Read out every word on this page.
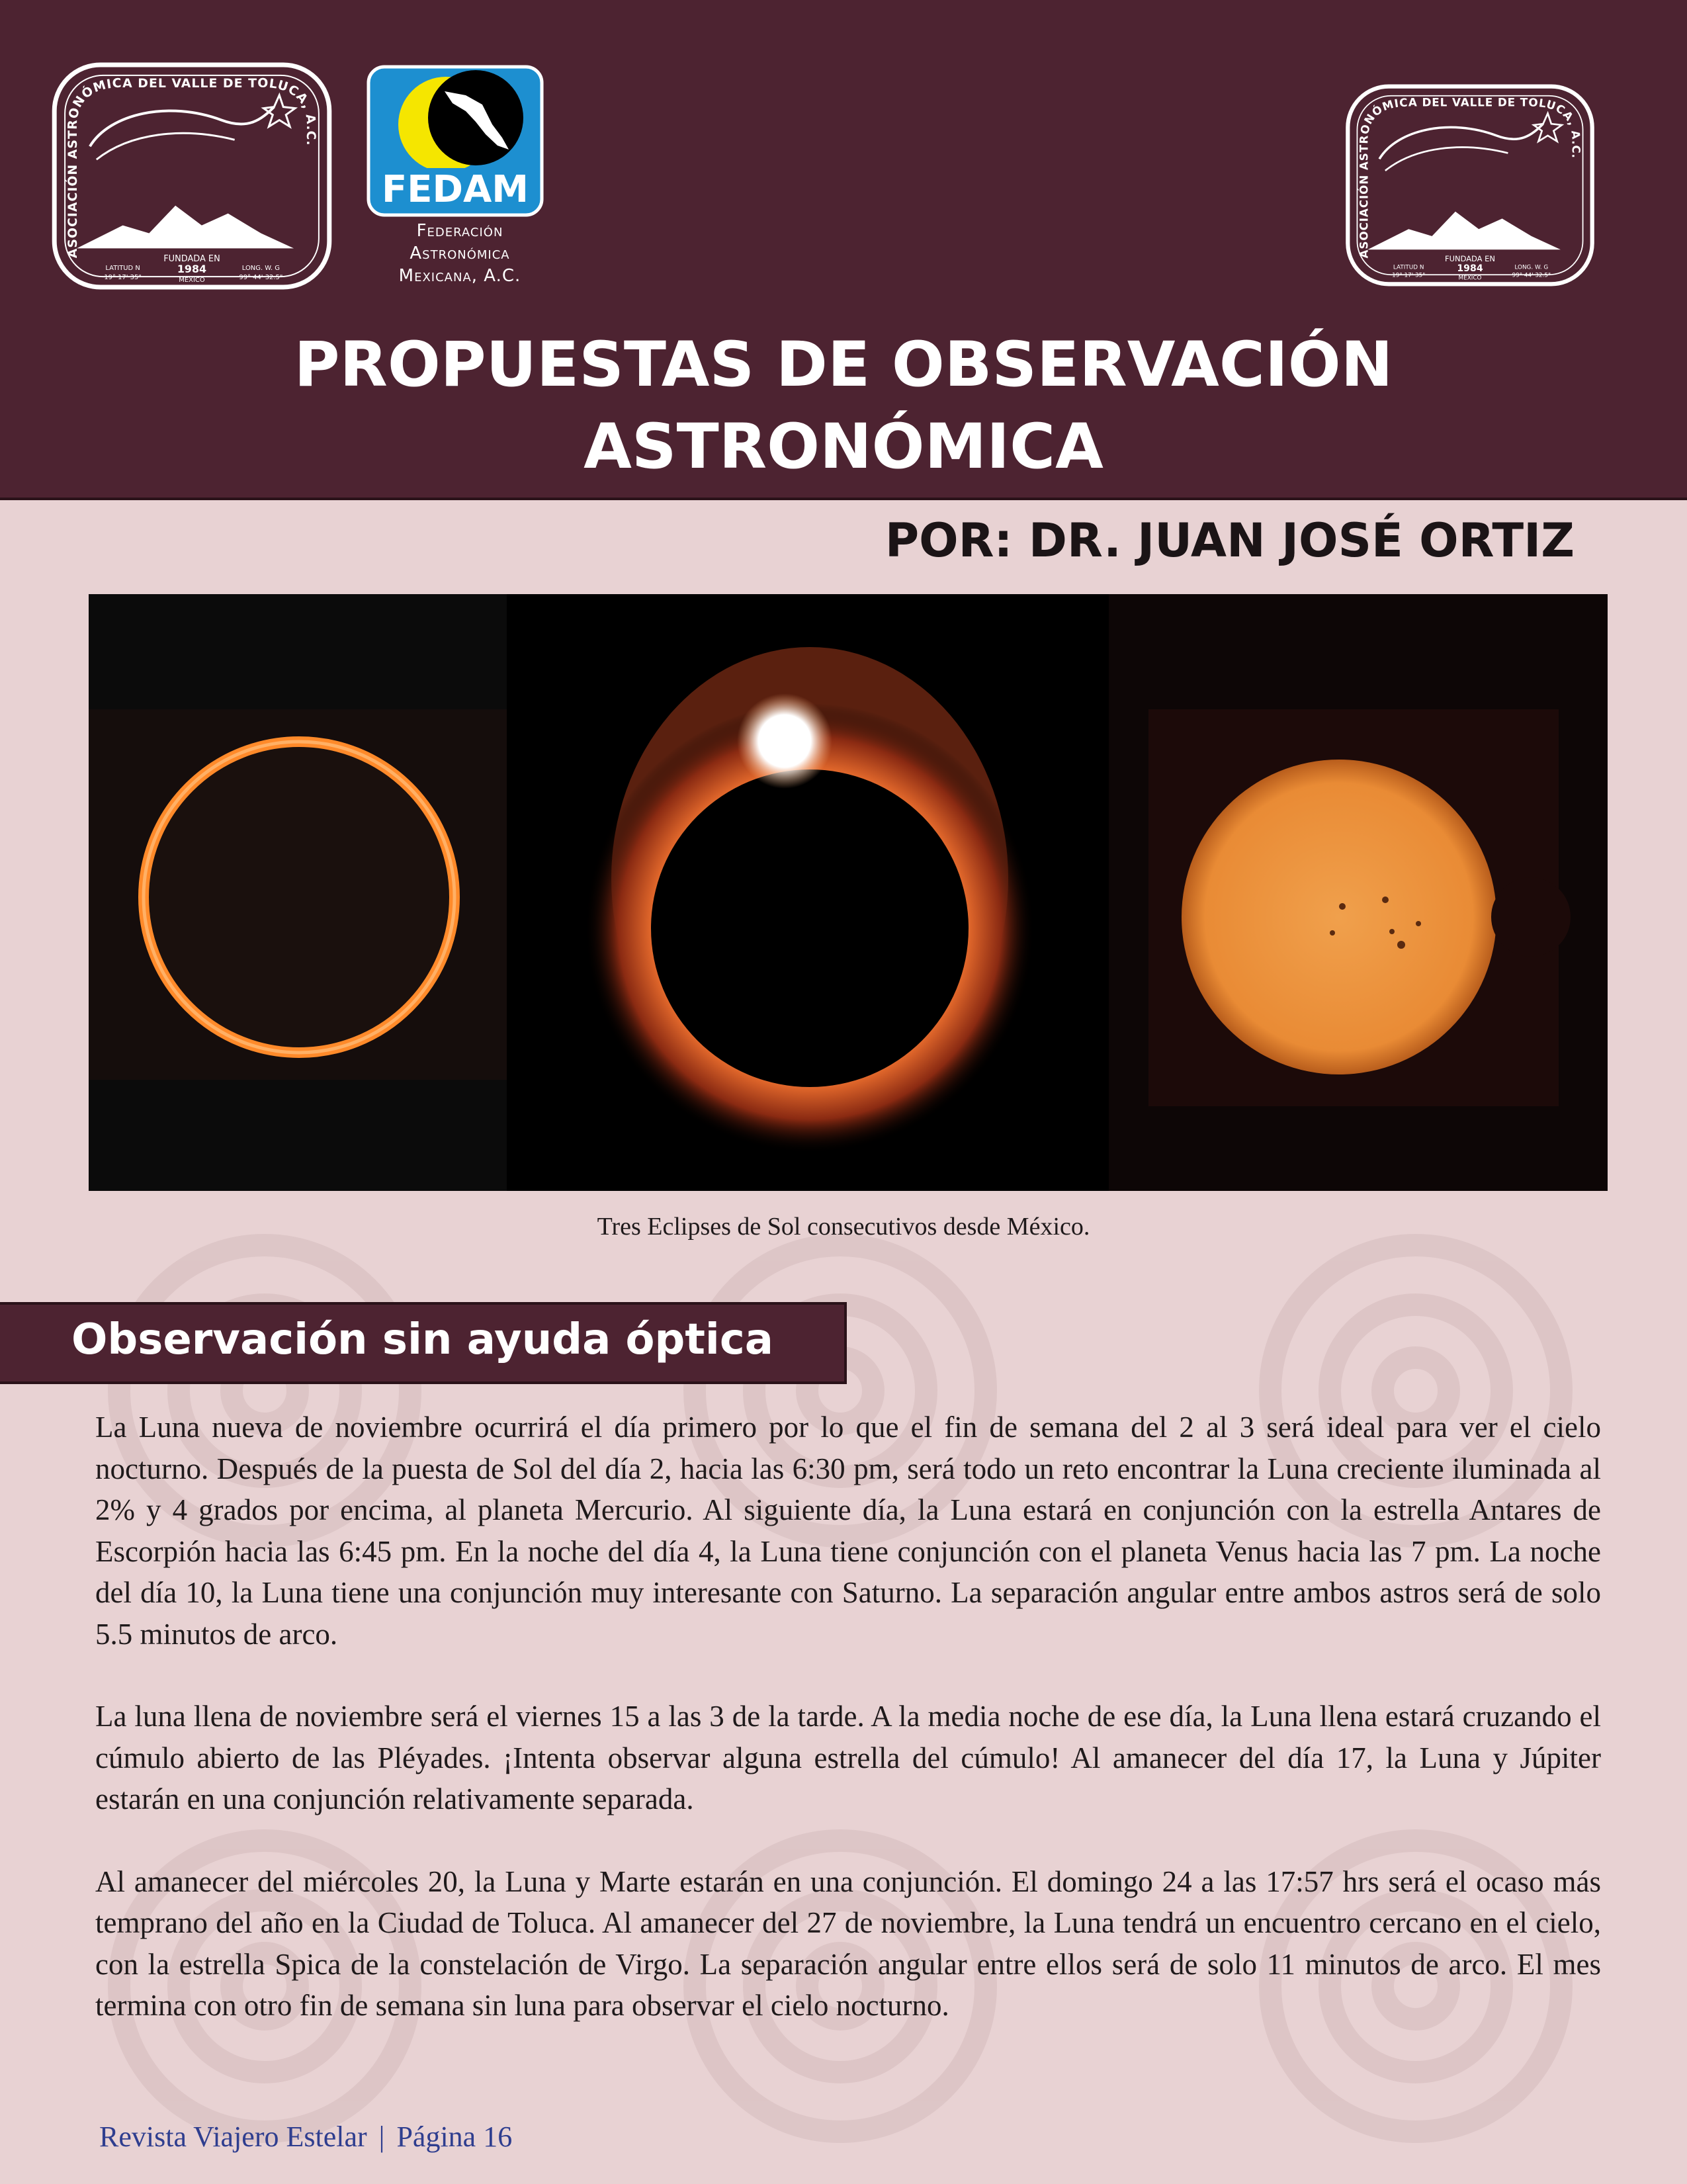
FUNDADA EN
1984
MÉXICO
LATITUD N
19° 17' 35"
LONG. W. G
99° 44' 32.5"
ASOCIACIÓN ASTRONÓMICA DEL VALLE DE TOLUCA, A.C.
FEDAM
Federación
Astronómica
Mexicana, A.C.
FUNDADA EN
1984
MÉXICO
LATITUD N
19° 17' 35"
LONG. W. G
99° 44' 32.5"
ASOCIACIÓN ASTRONÓMICA DEL VALLE DE TOLUCA, A.C.
PROPUESTAS DE OBSERVACIÓN
ASTRONÓMICA
POR: DR. JUAN JOSÉ ORTIZ
Tres Eclipses de Sol consecutivos desde México.
Observación sin ayuda óptica

La Luna nueva de noviembre ocurrirá el día primero por lo que el fin de semana del 2 al 3 será ideal para ver el cielo nocturno. Después de la puesta de Sol del día 2, hacia las 6:30 pm, será todo un reto encontrar la Luna creciente iluminada al 2% y 4 grados por encima, al planeta Mercurio. Al siguiente día, la Luna estará en conjunción con la estrella Antares de Escorpión hacia las 6:45 pm. En la noche del día 4, la Luna tiene conjunción con el planeta Venus hacia las 7 pm. La noche del día 10, la Luna tiene una conjunción muy interesante con Saturno. La separación angular entre ambos astros será de solo 5.5 minutos de arco.

La luna llena de noviembre será el viernes 15 a las 3 de la tarde. A la media noche de ese día, la Luna llena estará cruzando el cúmulo abierto de las Pléyades. ¡Intenta observar alguna estrella del cúmulo! Al amanecer del día 17, la Luna y Júpiter estarán en una conjunción relativamente separada.

Al amanecer del miércoles 20, la Luna y Marte estarán en una conjunción. El domingo 24 a las 17:57 hrs será el ocaso más temprano del año en la Ciudad de Toluca. Al amanecer del 27 de noviembre, la Luna tendrá un encuentro cercano en el cielo, con la estrella Spica de la constelación de Virgo. La separación angular entre ellos será de solo 11 minutos de arco. El mes termina con otro fin de semana sin luna para observar el cielo nocturno.

Revista Viajero Estelar | Página 16
